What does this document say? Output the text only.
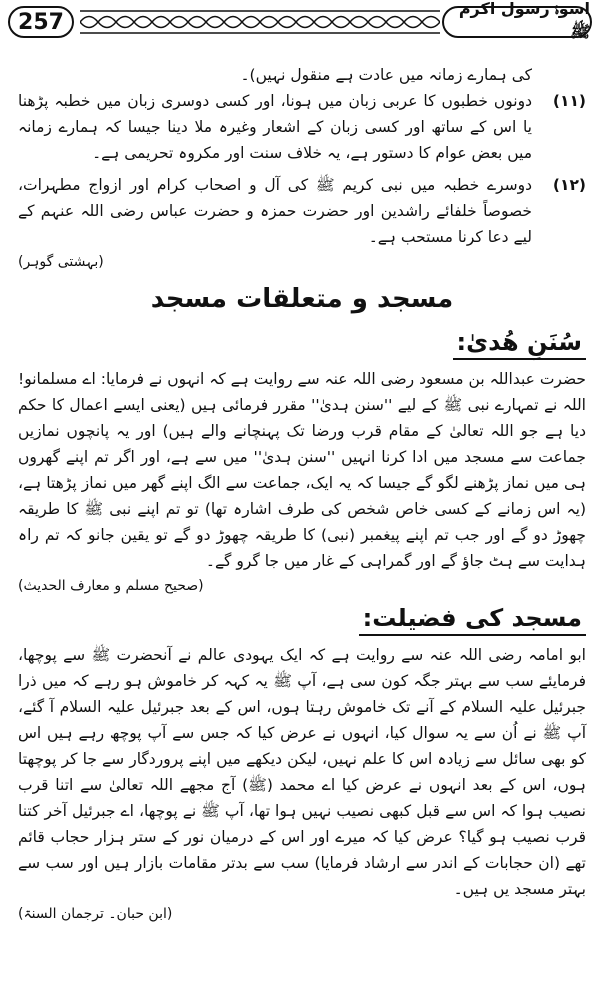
257
اسوۂ رسول اکرم ﷺ

کی ہمارے زمانہ میں عادت ہے منقول نہیں)۔

(۱۱)
دونوں خطبوں کا عربی زبان میں ہونا، اور کسی دوسری زبان میں خطبہ پڑھنا یا اس کے ساتھ اور کسی زبان کے اشعار وغیرہ ملا دینا جیسا کہ ہمارے زمانہ میں بعض عوام کا دستور ہے، یہ خلاف سنت اور مکروہ تحریمی ہے۔
(۱۲)
دوسرے خطبہ میں نبی کریم ﷺ کی آل و اصحاب کرام اور ازواج مطہرات، خصوصاً خلفائے راشدین اور حضرت حمزہ و حضرت عباس رضی اللہ عنہم کے لیے دعا کرنا مستحب ہے۔
(بہشتی گوہر)
مسجد و متعلقات مسجد
سُنَنِ ھُدیٰ:
حضرت عبداللہ بن مسعود رضی اللہ عنہ سے روایت ہے کہ انہوں نے فرمایا: اے مسلمانو! اللہ نے تمہارے نبی ﷺ کے لیے ''سنن ہدیٰ'' مقرر فرمائی ہیں (یعنی ایسے اعمال کا حکم دیا ہے جو اللہ تعالیٰ کے مقام قرب ورضا تک پہنچانے والے ہیں) اور یہ پانچوں نمازیں جماعت سے مسجد میں ادا کرنا انہیں ''سنن ہدیٰ'' میں سے ہے، اور اگر تم اپنے گھروں ہی میں نماز پڑھنے لگو گے جیسا کہ یہ ایک، جماعت سے الگ اپنے گھر میں نماز پڑھتا ہے، (یہ اس زمانے کے کسی خاص شخص کی طرف اشارہ تھا) تو تم اپنے نبی ﷺ کا طریقہ چھوڑ دو گے اور جب تم اپنے پیغمبر (نبی) کا طریقہ چھوڑ دو گے تو یقین جانو کہ تم راہ ہدایت سے ہٹ جاؤ گے اور گمراہی کے غار میں جا گرو گے۔
(صحیح مسلم و معارف الحدیث)
مسجد کی فضیلت:
ابو امامہ رضی اللہ عنہ سے روایت ہے کہ ایک یہودی عالم نے آنحضرت ﷺ سے پوچھا، فرمایئے سب سے بہتر جگہ کون سی ہے، آپ ﷺ یہ کہہ کر خاموش ہو رہے کہ میں ذرا جبرئیل علیہ السلام کے آنے تک خاموش رہتا ہوں، اس کے بعد جبرئیل علیہ السلام آ گئے، آپ ﷺ نے اُن سے یہ سوال کیا، انہوں نے عرض کیا کہ جس سے آپ پوچھ رہے ہیں اس کو بھی سائل سے زیادہ اس کا علم نہیں، لیکن دیکھے میں اپنے پروردگار سے جا کر پوچھتا ہوں، اس کے بعد انہوں نے عرض کیا اے محمد (ﷺ) آج مجھے اللہ تعالیٰ سے اتنا قرب نصیب ہوا کہ اس سے قبل کبھی نصیب نہیں ہوا تھا، آپ ﷺ نے پوچھا، اے جبرئیل آخر کتنا قرب نصیب ہو گیا؟ عرض کیا کہ میرے اور اس کے درمیان نور کے ستر ہزار حجاب قائم تھے (ان حجابات کے اندر سے ارشاد فرمایا) سب سے بدتر مقامات بازار ہیں اور سب سے بہتر مسجد یں ہیں۔
(ابن حبان۔ ترجمان السنۃ)
